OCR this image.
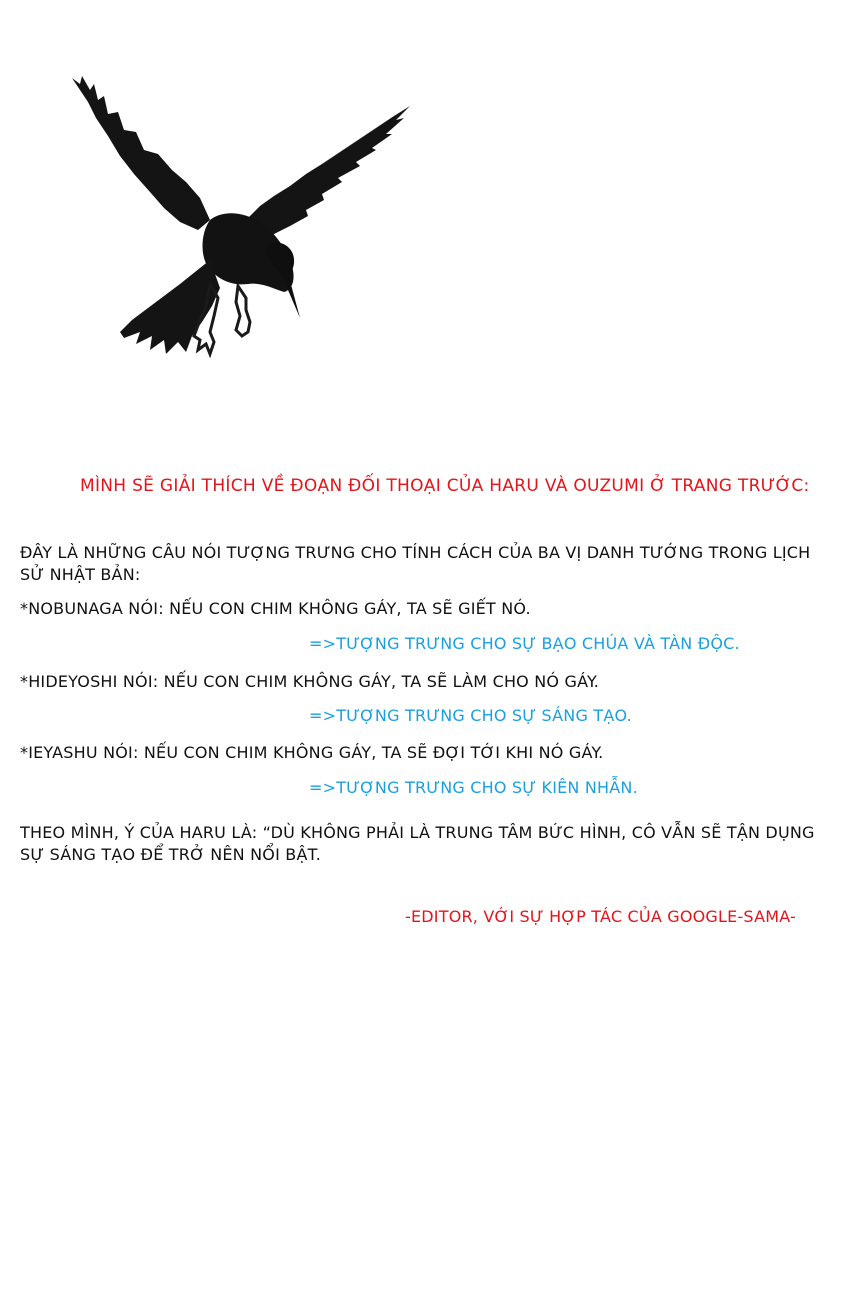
MÌNH SẼ GIẢI THÍCH VỀ ĐOẠN ĐỐI THOẠI CỦA HARU VÀ OUZUMI Ở TRANG TRƯỚC:
ĐÂY LÀ NHỮNG CÂU NÓI TƯỢNG TRƯNG CHO TÍNH CÁCH CỦA BA VỊ DANH TƯỚNG TRONG LỊCH SỬ NHẬT BẢN:
*NOBUNAGA NÓI: NẾU CON CHIM KHÔNG GÁY, TA SẼ GIẾT NÓ.
=>TƯỢNG TRƯNG CHO SỰ BẠO CHÚA VÀ TÀN ĐỘC.
*HIDEYOSHI NÓI: NẾU CON CHIM KHÔNG GÁY, TA SẼ LÀM CHO NÓ GÁY.
=>TƯỢNG TRƯNG CHO SỰ SÁNG TẠO.
*IEYASHU NÓI: NẾU CON CHIM KHÔNG GÁY, TA SẼ ĐỢI TỚI KHI NÓ GÁY.
=>TƯỢNG TRƯNG CHO SỰ KIÊN NHẪN.
THEO MÌNH, Ý CỦA HARU LÀ: “DÙ KHÔNG PHẢI LÀ TRUNG TÂM BỨC HÌNH, CÔ VẪN SẼ TẬN DỤNG SỰ SÁNG TẠO ĐỂ TRỞ NÊN NỔI BẬT.
-EDITOR, VỚI SỰ HỢP TÁC CỦA GOOGLE-SAMA-
